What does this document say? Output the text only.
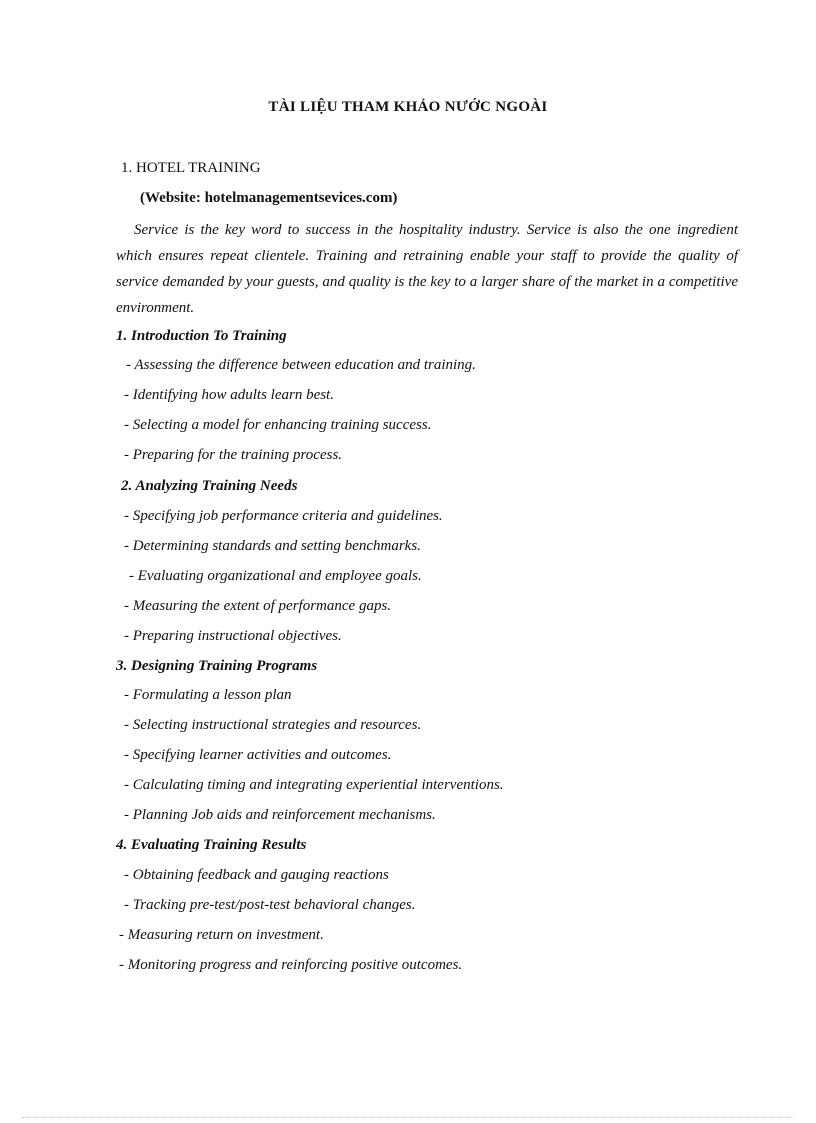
TÀI LIỆU THAM KHẢO NƯỚC NGOÀI
1. HOTEL TRAINING
(Website: hotelmanagementsevices.com)
Service is the key word to success in the hospitality industry. Service is also the one ingredient which ensures repeat clientele. Training and retraining enable your staff to provide the quality of service demanded by your guests, and quality is the key to a larger share of the market in a competitive environment.
1. Introduction To Training
- Assessing the difference between education and training.
- Identifying how adults learn best.
- Selecting a model for enhancing training success.
- Preparing for the training process.
2. Analyzing Training Needs
- Specifying job performance criteria and guidelines.
- Determining standards and setting benchmarks.
- Evaluating organizational and employee goals.
- Measuring the extent of performance gaps.
- Preparing instructional objectives.
3. Designing Training Programs
- Formulating a lesson plan
- Selecting instructional strategies and resources.
- Specifying learner activities and outcomes.
- Calculating timing and integrating experiential interventions.
- Planning Job aids and reinforcement mechanisms.
4. Evaluating Training Results
- Obtaining feedback and gauging reactions
- Tracking pre-test/post-test behavioral changes.
- Measuring return on investment.
- Monitoring progress and reinforcing positive outcomes.
